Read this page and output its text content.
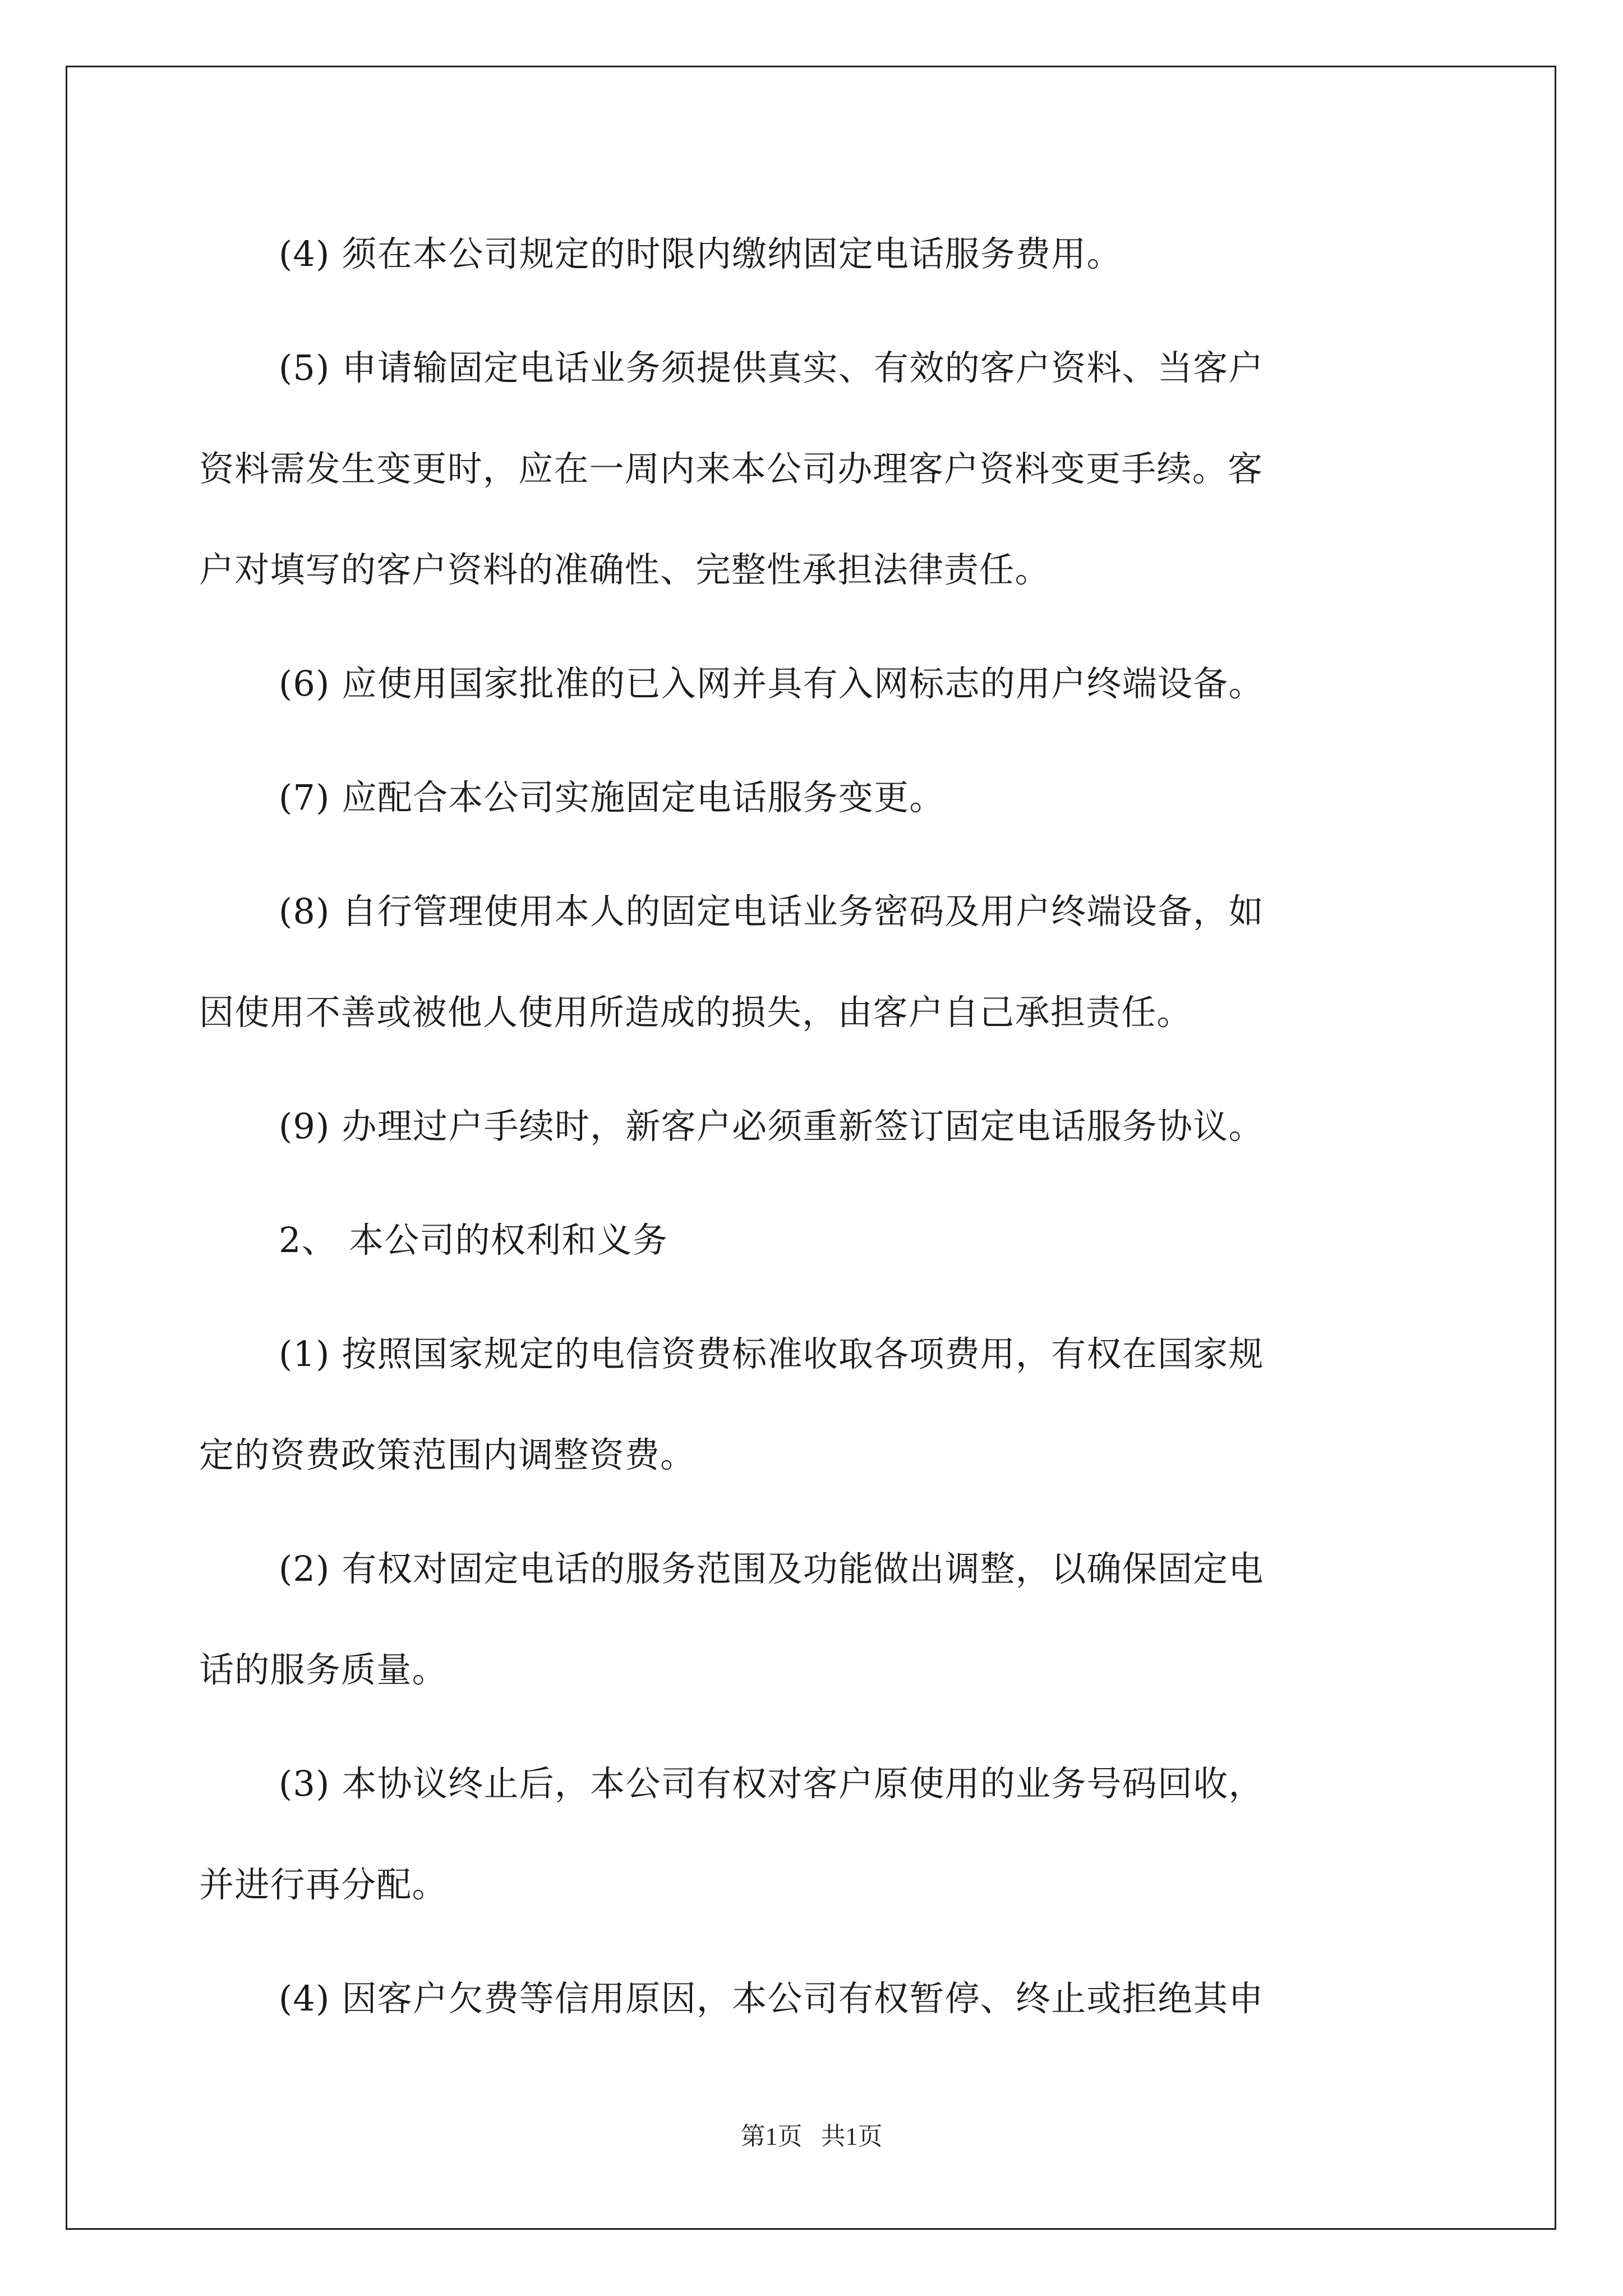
(4) 须在本公司规定的时限内缴纳固定电话服务费用。
(5) 申请输固定电话业务须提供真实、有效的客户资料、当客户
资料需发生变更时，应在一周内来本公司办理客户资料变更手续。客
户对填写的客户资料的准确性、完整性承担法律责任。
(6) 应使用国家批准的已入网并具有入网标志的用户终端设备。
(7) 应配合本公司实施固定电话服务变更。
(8) 自行管理使用本人的固定电话业务密码及用户终端设备，如
因使用不善或被他人使用所造成的损失，由客户自己承担责任。
(9) 办理过户手续时，新客户必须重新签订固定电话服务协议。
2、 本公司的权利和义务
(1) 按照国家规定的电信资费标准收取各项费用，有权在国家规
定的资费政策范围内调整资费。
(2) 有权对固定电话的服务范围及功能做出调整，以确保固定电
话的服务质量。
(3) 本协议终止后，本公司有权对客户原使用的业务号码回收，
并进行再分配。
(4) 因客户欠费等信用原因，本公司有权暂停、终止或拒绝其申
第1页   共1页
